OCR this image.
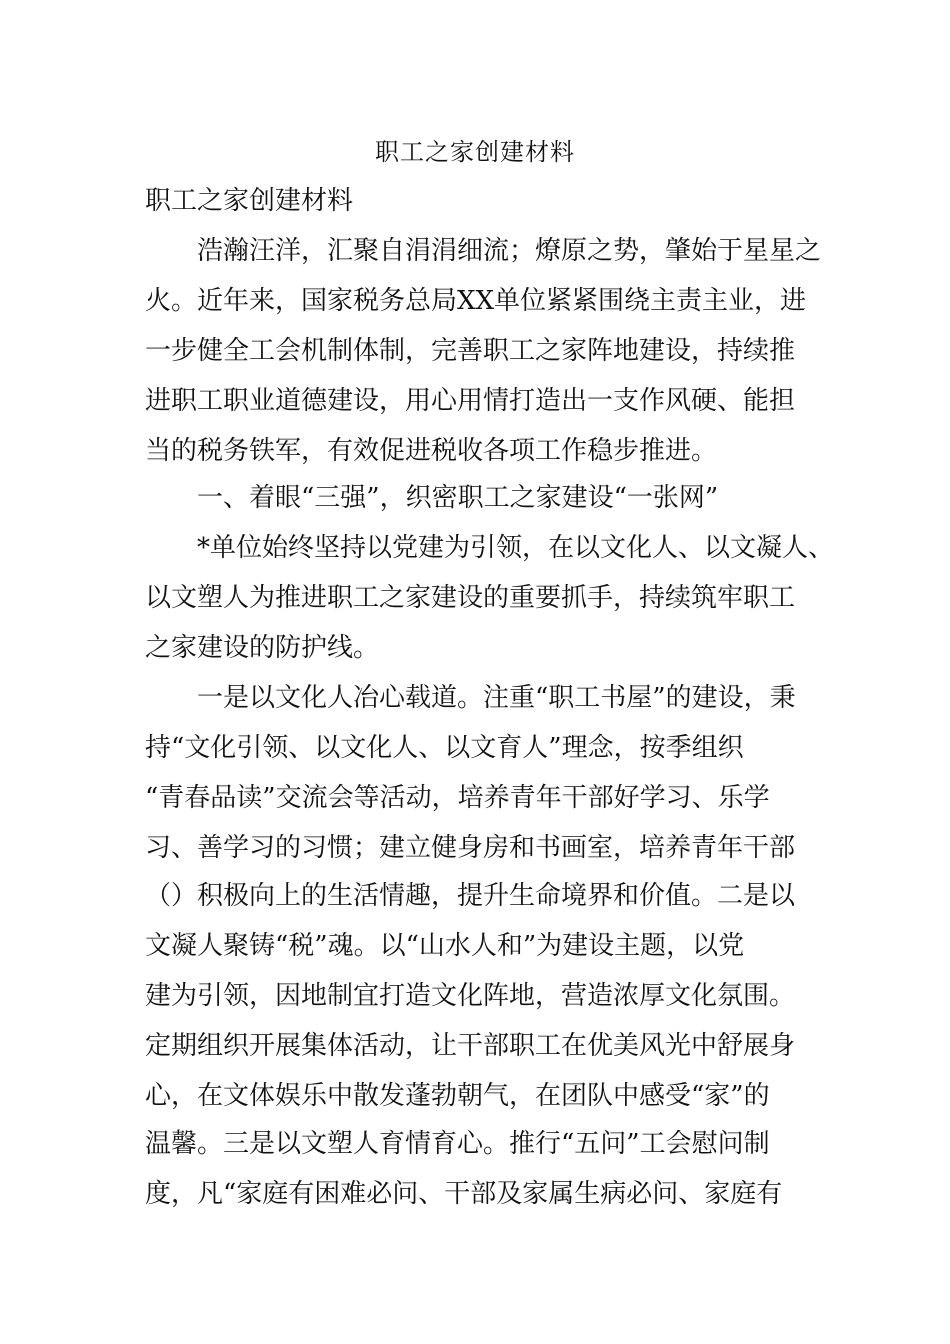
职工之家创建材料
职工之家创建材料
　　浩瀚汪洋，汇聚自涓涓细流；燎原之势，肇始于星星之
火。近年来，国家税务总局XX单位紧紧围绕主责主业，进
一步健全工会机制体制，完善职工之家阵地建设，持续推
进职工职业道德建设，用心用情打造出一支作风硬、能担
当的税务铁军，有效促进税收各项工作稳步推进。
　　一、着眼“三强”，织密职工之家建设“一张网”
　　*单位始终坚持以党建为引领，在以文化人、以文凝人、
以文塑人为推进职工之家建设的重要抓手，持续筑牢职工
之家建设的防护线。
　　一是以文化人冶心载道。注重“职工书屋”的建设，秉
持“文化引领、以文化人、以文育人”理念，按季组织
“青春品读”交流会等活动，培养青年干部好学习、乐学
习、善学习的习惯；建立健身房和书画室，培养青年干部
（）积极向上的生活情趣，提升生命境界和价值。二是以
文凝人聚铸“税”魂。以“山水人和”为建设主题，以党
建为引领，因地制宜打造文化阵地，营造浓厚文化氛围。
定期组织开展集体活动，让干部职工在优美风光中舒展身
心，在文体娱乐中散发蓬勃朝气，在团队中感受“家”的
温馨。三是以文塑人育情育心。推行“五问”工会慰问制
度，凡“家庭有困难必问、干部及家属生病必问、家庭有
